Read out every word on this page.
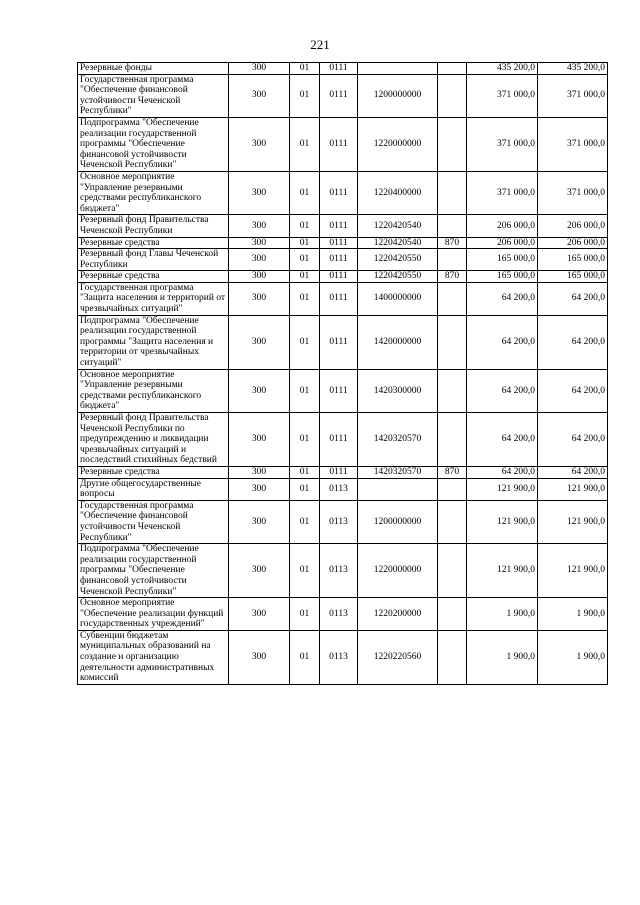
221
Резервные фонды	300	01	0111			435 200,0	435 200,0
Государственная программа "Обеспечение финансовой устойчивости Чеченской Республики"	300	01	0111	1200000000		371 000,0	371 000,0
Подпрограмма "Обеспечение реализации государственной программы "Обеспечение финансовой устойчивости Чеченской Республики"	300	01	0111	1220000000		371 000,0	371 000,0
Основное мероприятие "Управление резервными средствами республиканского бюджета"	300	01	0111	1220400000		371 000,0	371 000,0
Резервный фонд Правительства Чеченской Республики	300	01	0111	1220420540		206 000,0	206 000,0
Резервные средства	300	01	0111	1220420540	870	206 000,0	206 000,0
Резервный фонд Главы Чеченской Республики	300	01	0111	1220420550		165 000,0	165 000,0
Резервные средства	300	01	0111	1220420550	870	165 000,0	165 000,0
Государственная программа "Защита населения и территорий от чрезвычайных ситуаций"	300	01	0111	1400000000		64 200,0	64 200,0
Подпрограмма "Обеспечение реализации государственной программы "Защита населения и территории от чрезвычайных ситуаций"	300	01	0111	1420000000		64 200,0	64 200,0
Основное мероприятие "Управление резервными средствами республиканского бюджета"	300	01	0111	1420300000		64 200,0	64 200,0
Резервный фонд Правительства Чеченской Республики по предупреждению и ликвидации чрезвычайных ситуаций и последствий стихийных бедствий	300	01	0111	1420320570		64 200,0	64 200,0
Резервные средства	300	01	0111	1420320570	870	64 200,0	64 200,0
Другие общегосударственные вопросы	300	01	0113			121 900,0	121 900,0
Государственная программа "Обеспечение финансовой устойчивости Чеченской Республики"	300	01	0113	1200000000		121 900,0	121 900,0
Подпрограмма "Обеспечение реализации государственной программы "Обеспечение финансовой устойчивости Чеченской Республики"	300	01	0113	1220000000		121 900,0	121 900,0
Основное мероприятие "Обеспечение реализации функций государственных учреждений"	300	01	0113	1220200000		1 900,0	1 900,0
Субвенции бюджетам муниципальных образований на создание и организацию деятельности административных комиссий	300	01	0113	1220220560		1 900,0	1 900,0
